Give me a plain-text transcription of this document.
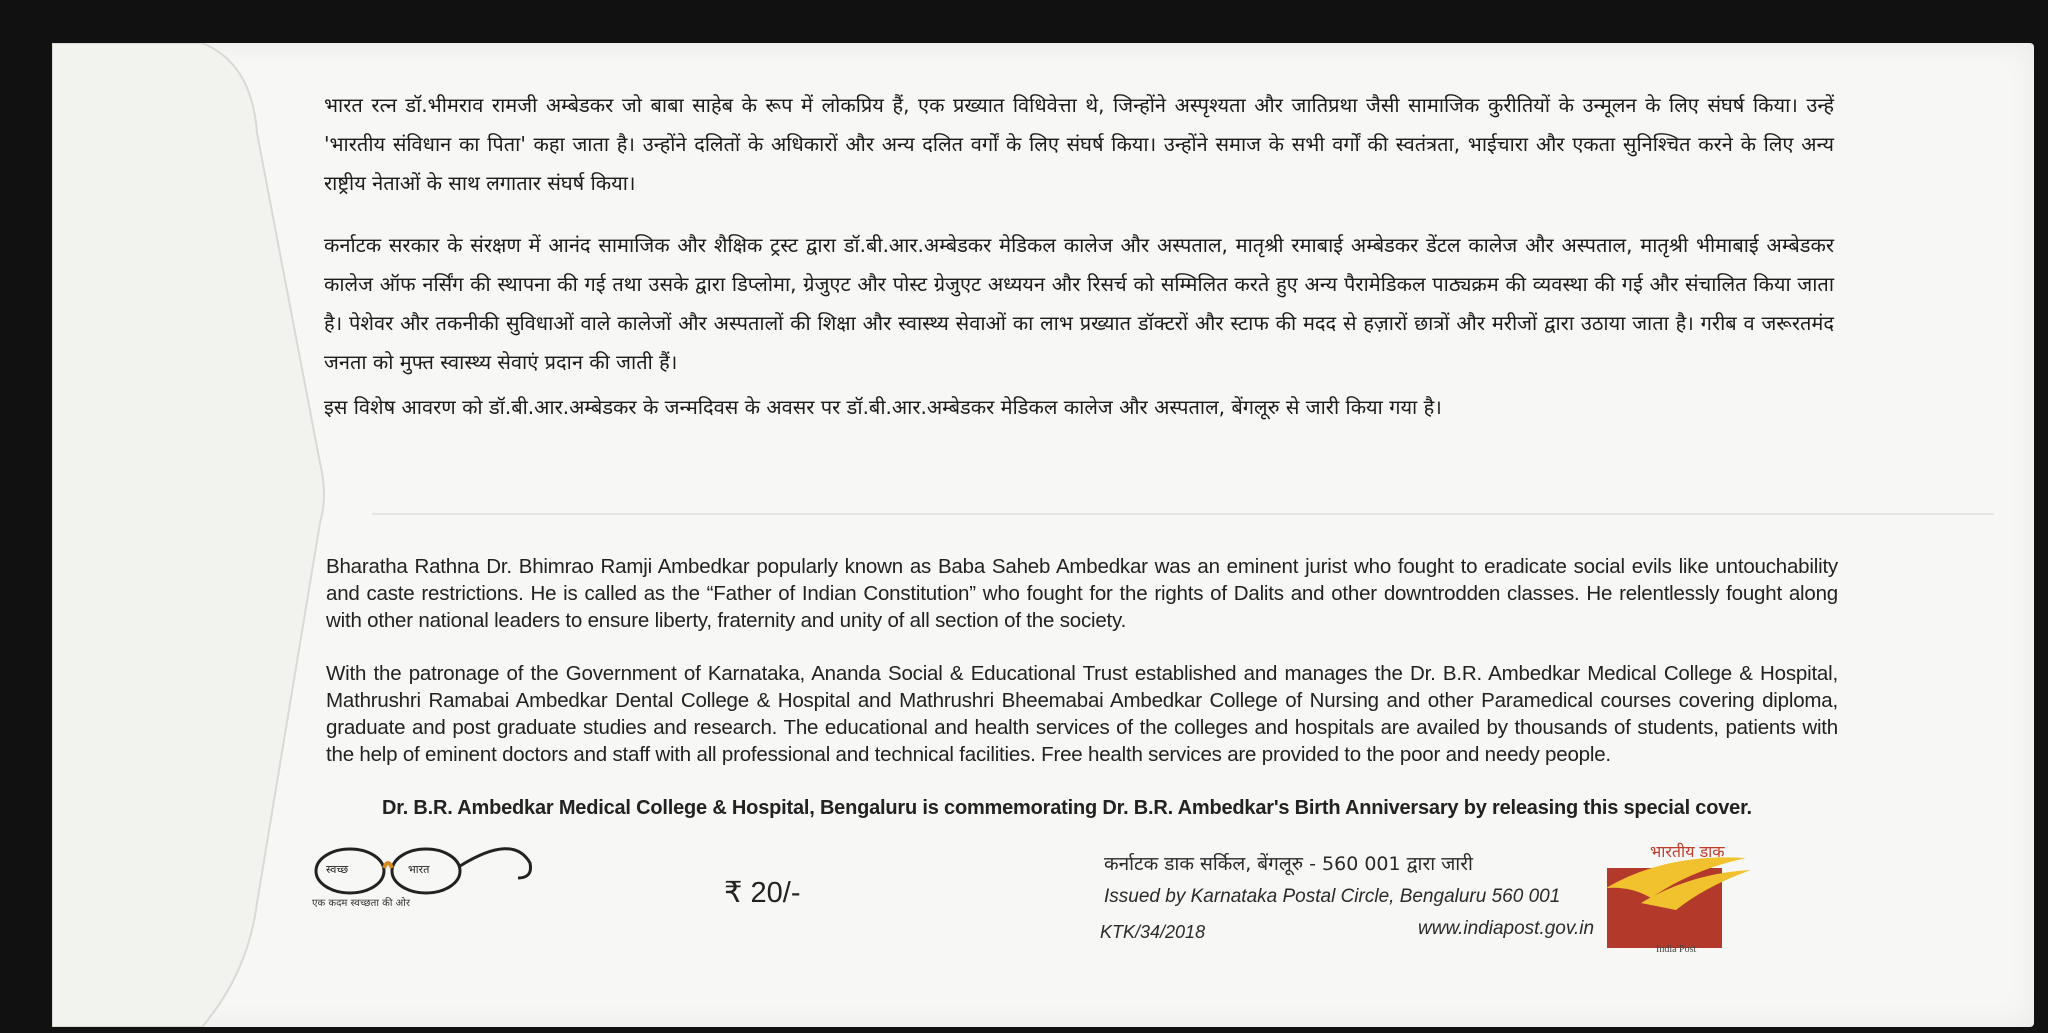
भारत रत्न डॉ.भीमराव रामजी अम्बेडकर जो बाबा साहेब के रूप में लोकप्रिय हैं, एक प्रख्यात विधिवेत्ता थे, जिन्होंने अस्पृश्यता और जातिप्रथा जैसी सामाजिक कुरीतियों के उन्मूलन के लिए संघर्ष किया। उन्हें 'भारतीय संविधान का पिता' कहा जाता है। उन्होंने दलितों के अधिकारों और अन्य दलित वर्गों के लिए संघर्ष किया। उन्होंने समाज के सभी वर्गों की स्वतंत्रता, भाईचारा और एकता सुनिश्चित करने के लिए अन्य राष्ट्रीय नेताओं के साथ लगातार संघर्ष किया।

कर्नाटक सरकार के संरक्षण में आनंद सामाजिक और शैक्षिक ट्रस्ट द्वारा डॉ.बी.आर.अम्बेडकर मेडिकल कालेज और अस्पताल, मातृश्री रमाबाई अम्बेडकर डेंटल कालेज और अस्पताल, मातृश्री भीमाबाई अम्बेडकर कालेज ऑफ नर्सिंग की स्थापना की गई तथा उसके द्वारा डिप्लोमा, ग्रेजुएट और पोस्ट ग्रेजुएट अध्ययन और रिसर्च को सम्मिलित करते हुए अन्य पैरामेडिकल पाठ्यक्रम की व्यवस्था की गई और संचालित किया जाता है। पेशेवर और तकनीकी सुविधाओं वाले कालेजों और अस्पतालों की शिक्षा और स्वास्थ्य सेवाओं का लाभ प्रख्यात डॉक्टरों और स्टाफ की मदद से हज़ारों छात्रों और मरीजों द्वारा उठाया जाता है। गरीब व जरूरतमंद जनता को मुफ्त स्वास्थ्य सेवाएं प्रदान की जाती हैं।

इस विशेष आवरण को डॉ.बी.आर.अम्बेडकर के जन्मदिवस के अवसर पर डॉ.बी.आर.अम्बेडकर मेडिकल कालेज और अस्पताल, बेंगलूरु से जारी किया गया है।

Bharatha Rathna Dr. Bhimrao Ramji Ambedkar popularly known as Baba Saheb Ambedkar was an eminent jurist who fought to eradicate social evils like untouchability and caste restrictions. He is called as the “Father of Indian Constitution” who fought for the rights of Dalits and other downtrodden classes. He relentlessly fought along with other national leaders to ensure liberty, fraternity and unity of all section of the society.

With the patronage of the Government of Karnataka, Ananda Social & Educational Trust established and manages the Dr. B.R. Ambedkar Medical College & Hospital, Mathrushri Ramabai Ambedkar Dental College & Hospital and Mathrushri Bheemabai Ambedkar College of Nursing and other Paramedical courses covering diploma, graduate and post graduate studies and research. The educational and health services of the colleges and hospitals are availed by thousands of students, patients with the help of eminent doctors and staff with all professional and technical facilities. Free health services are provided to the poor and needy people.

Dr. B.R. Ambedkar Medical College & Hospital, Bengaluru is commemorating Dr. B.R. Ambedkar's Birth Anniversary by releasing this special cover.

स्वच्छ	भारत
एक कदम स्वच्छता की ओर	₹ 20/-
कर्नाटक डाक सर्किल, बेंगलूरु - 560 001 द्वारा जारी
Issued by Karnataka Postal Circle, Bengaluru 560 001
KTK/34/2018	www.indiapost.gov.in
भारतीय डाक
India Post
